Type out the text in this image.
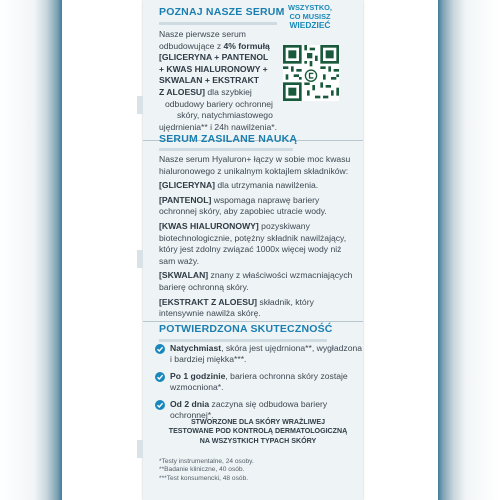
POZNAJ NASZE SERUM
Nasze pierwsze serum
odbudowujące z 4% formułą
[GLICERYNA + PANTENOL
+ KWAS HIALURONOWY +
SKWALAN + EKSTRAKT
Z ALOESU] dla szybkiej
odbudowy bariery ochronnej
skóry, natychmiastowego
ujędrnienia** i 24h nawilżenia*.
WSZYSTKO,
CO MUSISZ
WIEDZIEĆ
SERUM ZASILANE NAUKĄ

Nasze serum Hyaluron+ łączy w sobie moc kwasu hialuronowego z unikalnym koktajlem składników:

[GLICERYNA] dla utrzymania nawilżenia.

[PANTENOL] wspomaga naprawę bariery ochronnej skóry, aby zapobiec utracie wody.

[KWAS HIALURONOWY] pozyskiwany biotechnologicznie, potężny składnik nawilżający, który jest zdolny związać 1000x więcej wody niż sam waży.

[SKWALAN] znany z właściwości wzmacniających barierę ochronną skóry.

[EKSTRAKT Z ALOESU] składnik, który intensywnie nawilża skórę.

POTWIERDZONA SKUTECZNOŚĆ
Natychmiast, skóra jest ujędrniona**, wygładzona i bardziej miękka***.
Po 1 godzinie, bariera ochronna skóry zostaje wzmocniona*.
Od 2 dnia zaczyna się odbudowa bariery ochronnej*.
STWORZONE DLA SKÓRY WRAŻLIWEJ
TESTOWANE POD KONTROLĄ DERMATOLOGICZNĄ
NA WSZYSTKICH TYPACH SKÓRY
*Testy instrumentalne, 24 osoby.
**Badanie kliniczne, 40 osób.
***Test konsumencki, 48 osób.
